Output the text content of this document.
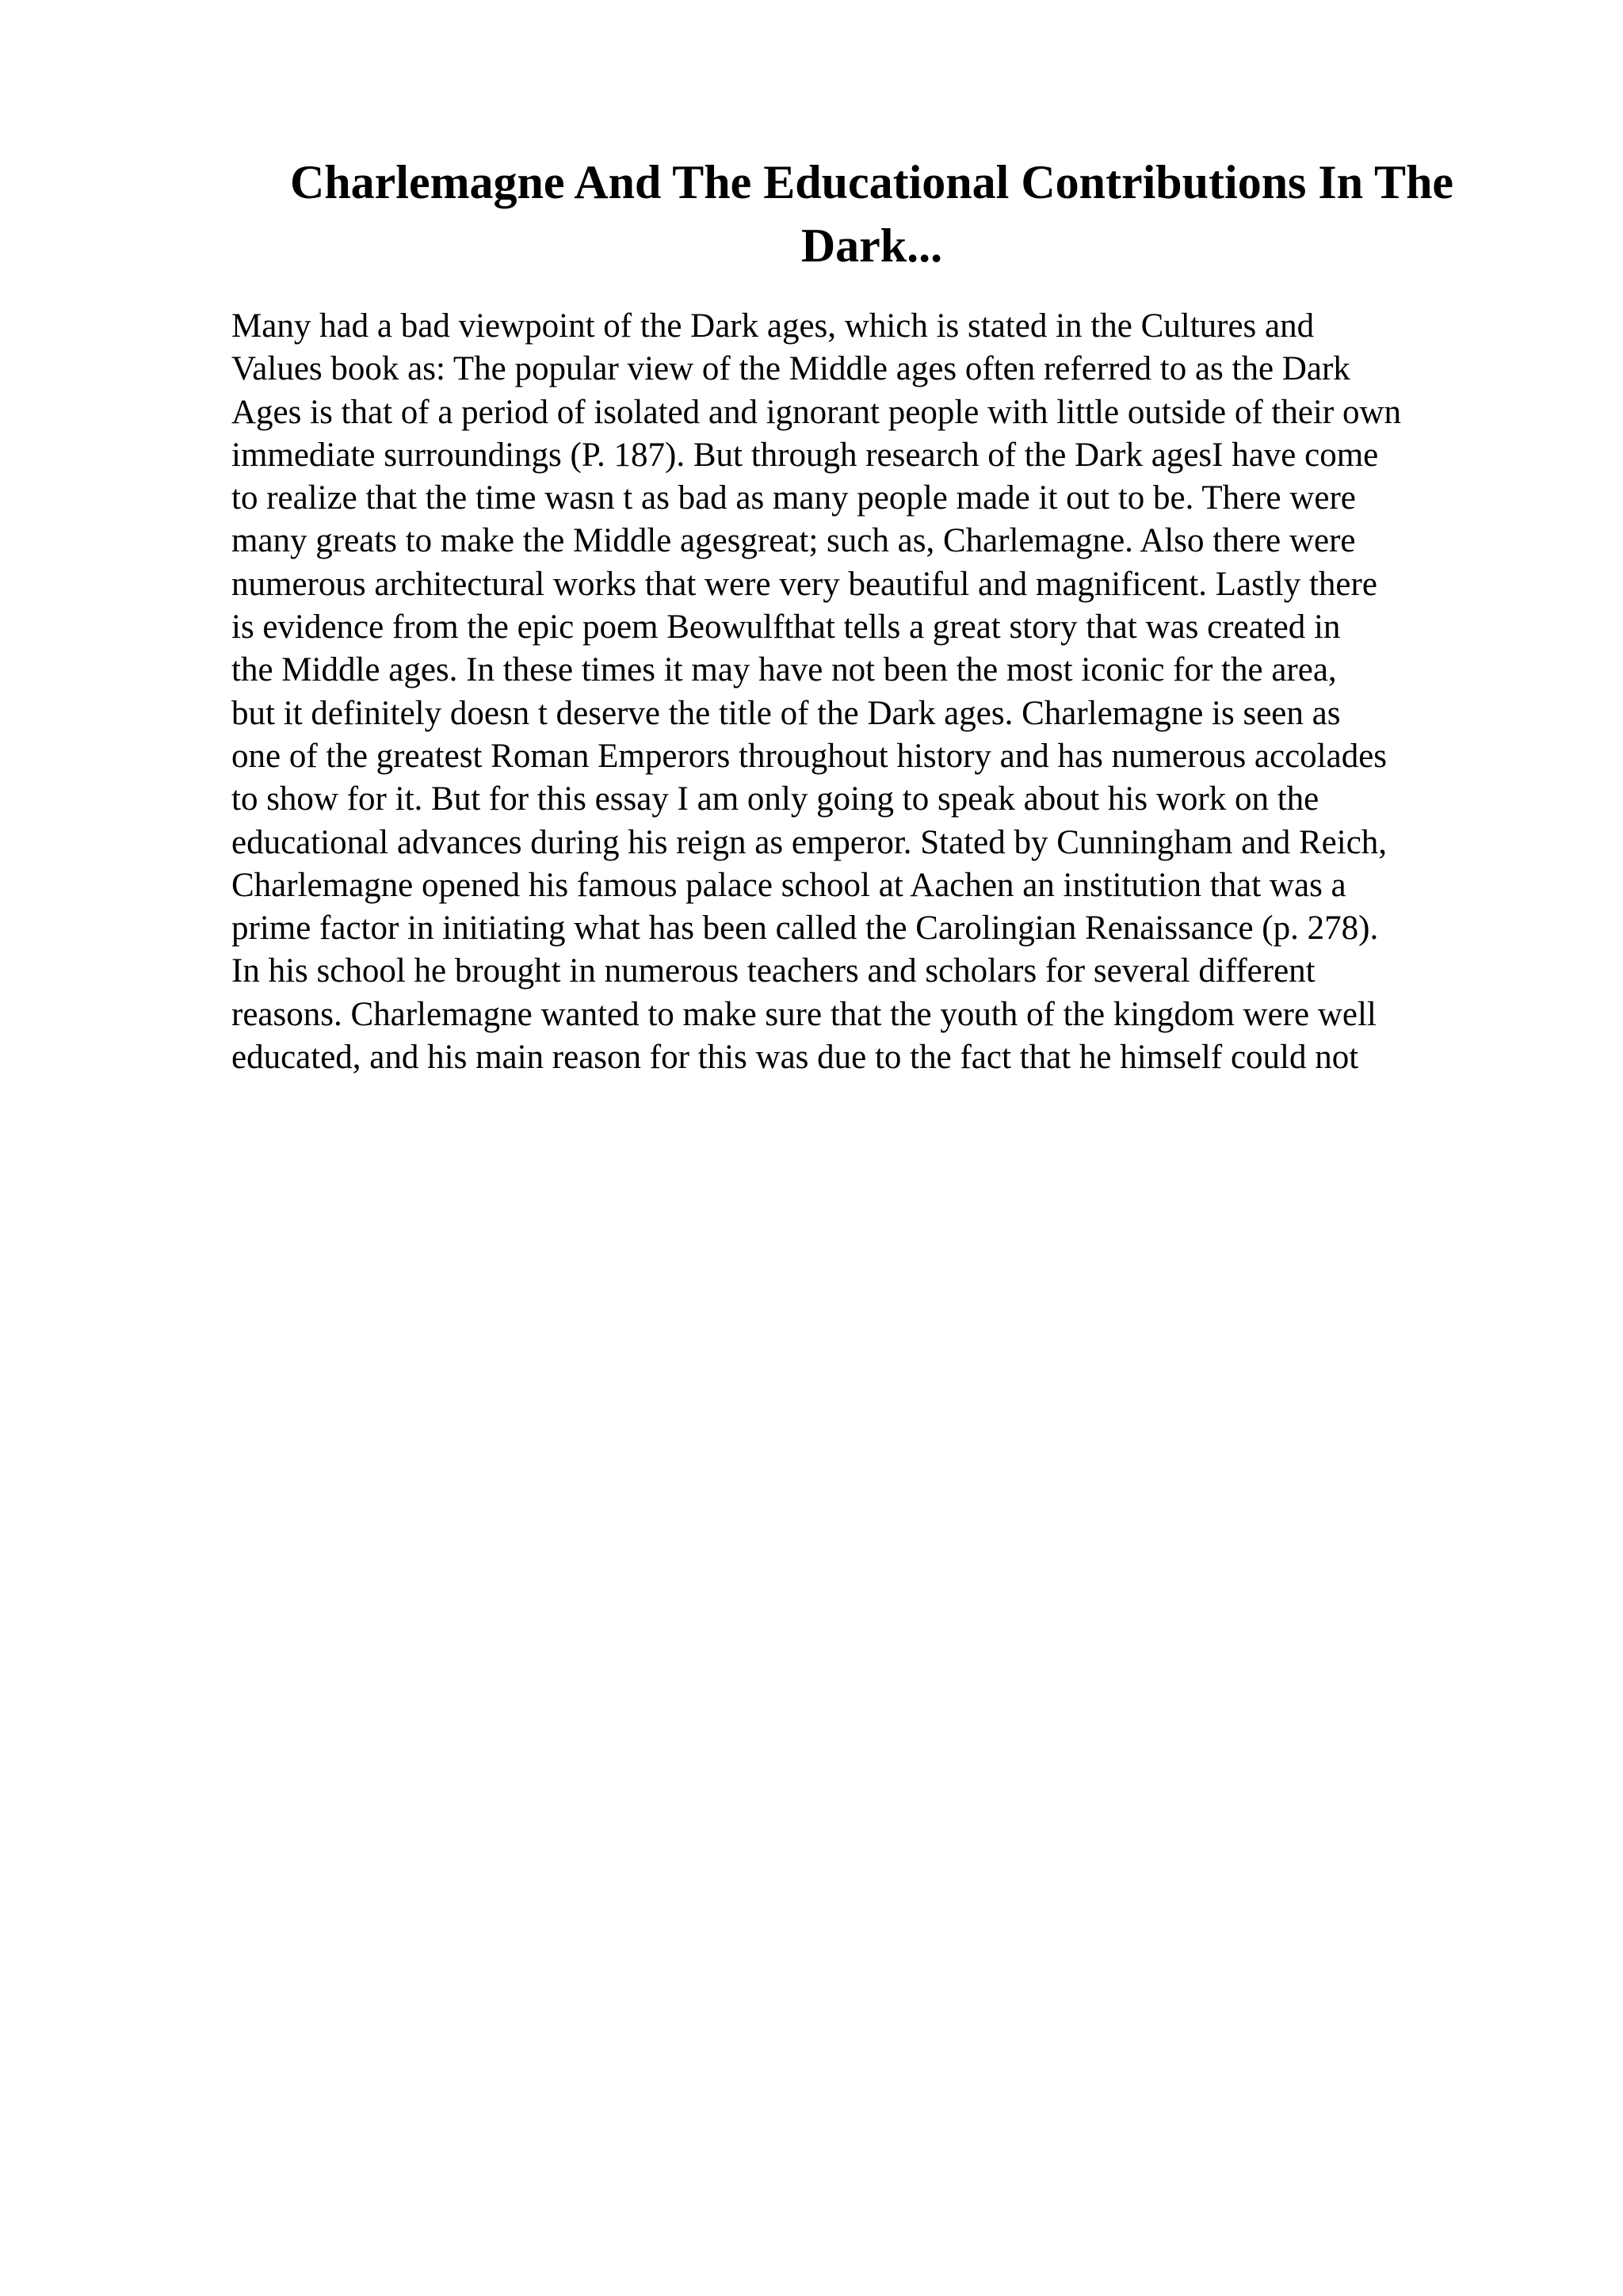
Charlemagne And The Educational Contributions In The
Dark...
Many had a bad viewpoint of the Dark ages, which is stated in the Cultures and
Values book as: The popular view of the Middle ages often referred to as the Dark
Ages is that of a period of isolated and ignorant people with little outside of their own
immediate surroundings (P. 187). But through research of the Dark agesI have come
to realize that the time wasn t as bad as many people made it out to be. There were
many greats to make the Middle agesgreat; such as, Charlemagne. Also there were
numerous architectural works that were very beautiful and magnificent. Lastly there
is evidence from the epic poem Beowulfthat tells a great story that was created in
the Middle ages. In these times it may have not been the most iconic for the area,
but it definitely doesn t deserve the title of the Dark ages. Charlemagne is seen as
one of the greatest Roman Emperors throughout history and has numerous accolades
to show for it. But for this essay I am only going to speak about his work on the
educational advances during his reign as emperor. Stated by Cunningham and Reich,
Charlemagne opened his famous palace school at Aachen an institution that was a
prime factor in initiating what has been called the Carolingian Renaissance (p. 278).
In his school he brought in numerous teachers and scholars for several different
reasons. Charlemagne wanted to make sure that the youth of the kingdom were well
educated, and his main reason for this was due to the fact that he himself could not
